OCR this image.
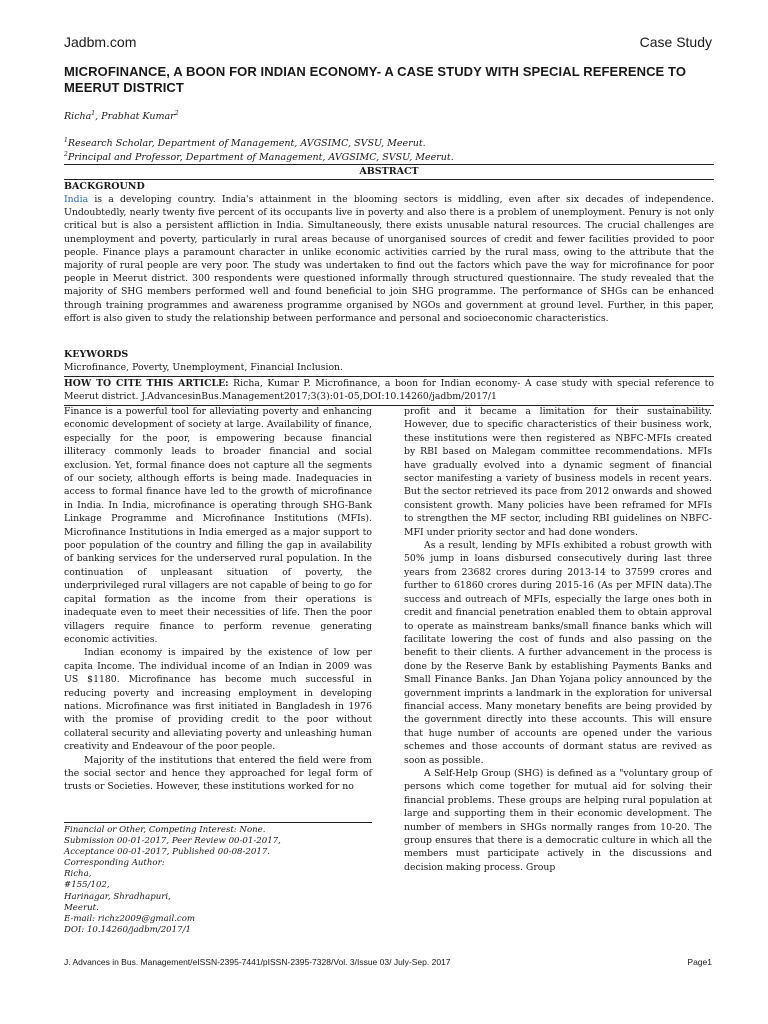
Jadbm.com	Case Study
MICROFINANCE, A BOON FOR INDIAN ECONOMY- A CASE STUDY WITH SPECIAL REFERENCE TO MEERUT DISTRICT
Richa$^1$, Prabhat Kumar$^2$
$^1$Research Scholar, Department of Management, AVGSIMC, SVSU, Meerut.
$^2$Principal and Professor, Department of Management, AVGSIMC, SVSU, Meerut.
ABSTRACT
BACKGROUND

India is a developing country. India's attainment in the blooming sectors is middling, even after six decades of independence. Undoubtedly, nearly twenty five percent of its occupants live in poverty and also there is a problem of unemployment. Penury is not only critical but is also a persistent affliction in India. Simultaneously, there exists unusable natural resources. The crucial challenges are unemployment and poverty, particularly in rural areas because of unorganised sources of credit and fewer facilities provided to poor people. Finance plays a paramount character in unlike economic activities carried by the rural mass, owing to the attribute that the majority of rural people are very poor. The study was undertaken to find out the factors which pave the way for microfinance for poor people in Meerut district. 300 respondents were questioned informally through structured questionnaire. The study revealed that the majority of SHG members performed well and found beneficial to join SHG programme. The performance of SHGs can be enhanced through training programmes and awareness programme organised by NGOs and government at ground level. Further, in this paper, effort is also given to study the relationship between performance and personal and socioeconomic characteristics.

KEYWORDS
Microfinance, Poverty, Unemployment, Financial Inclusion.
HOW TO CITE THIS ARTICLE: Richa, Kumar P. Microfinance, a boon for Indian economy- A case study with special reference to Meerut district. J.AdvancesinBus.Management2017;3(3):01-05,DOI:10.14260/jadbm/2017/1

Finance is a powerful tool for alleviating poverty and enhancing economic development of society at large. Availability of finance, especially for the poor, is empowering because financial illiteracy commonly leads to broader financial and social exclusion. Yet, formal finance does not capture all the segments of our society, although efforts is being made. Inadequacies in access to formal finance have led to the growth of microfinance in India. In India, microfinance is operating through SHG-Bank Linkage Programme and Microfinance Institutions (MFIs). Microfinance Institutions in India emerged as a major support to poor population of the country and filling the gap in availability of banking services for the underserved rural population. In the continuation of unpleasant situation of poverty, the underprivileged rural villagers are not capable of being to go for capital formation as the income from their operations is inadequate even to meet their necessities of life. Then the poor villagers require finance to perform revenue generating economic activities.

Indian economy is impaired by the existence of low per capita Income. The individual income of an Indian in 2009 was US $1180. Microfinance has become much successful in reducing poverty and increasing employment in developing nations. Microfinance was first initiated in Bangladesh in 1976 with the promise of providing credit to the poor without collateral security and alleviating poverty and unleashing human creativity and Endeavour of the poor people.

Majority of the institutions that entered the field were from the social sector and hence they approached for legal form of trusts or Societies. However, these institutions worked for no

Financial or Other, Competing Interest: None.
Submission 00-01-2017, Peer Review 00-01-2017,
Acceptance 00-01-2017, Published 00-08-2017.
Corresponding Author:
Richa,
#155/102,
Harinagar, Shradhapuri,
Meerut.
E-mail: richz2009@gmail.com
DOI: 10.14260/jadbm/2017/1

profit and it became a limitation for their sustainability. However, due to specific characteristics of their business work, these institutions were then registered as NBFC-MFIs created by RBI based on Malegam committee recommendations. MFIs have gradually evolved into a dynamic segment of financial sector manifesting a variety of business models in recent years. But the sector retrieved its pace from 2012 onwards and showed consistent growth. Many policies have been reframed for MFIs to strengthen the MF sector, including RBI guidelines on NBFC-MFI under priority sector and had done wonders.

As a result, lending by MFIs exhibited a robust growth with 50% jump in loans disbursed consecutively during last three years from 23682 crores during 2013-14 to 37599 crores and further to 61860 crores during 2015-16 (As per MFIN data).The success and outreach of MFIs, especially the large ones both in credit and financial penetration enabled them to obtain approval to operate as mainstream banks/small finance banks which will facilitate lowering the cost of funds and also passing on the benefit to their clients. A further advancement in the process is done by the Reserve Bank by establishing Payments Banks and Small Finance Banks. Jan Dhan Yojana policy announced by the government imprints a landmark in the exploration for universal financial access. Many monetary benefits are being provided by the government directly into these accounts. This will ensure that huge number of accounts are opened under the various schemes and those accounts of dormant status are revived as soon as possible.

A Self-Help Group (SHG) is defined as a "voluntary group of persons which come together for mutual aid for solving their financial problems. These groups are helping rural population at large and supporting them in their economic development. The number of members in SHGs normally ranges from 10-20. The group ensures that there is a democratic culture in which all the members must participate actively in the discussions and decision making process. Group

J. Advances in Bus. Management/eISSN-2395-7441/pISSN-2395-7328/Vol. 3/Issue 03/ July-Sep. 2017	Page1
